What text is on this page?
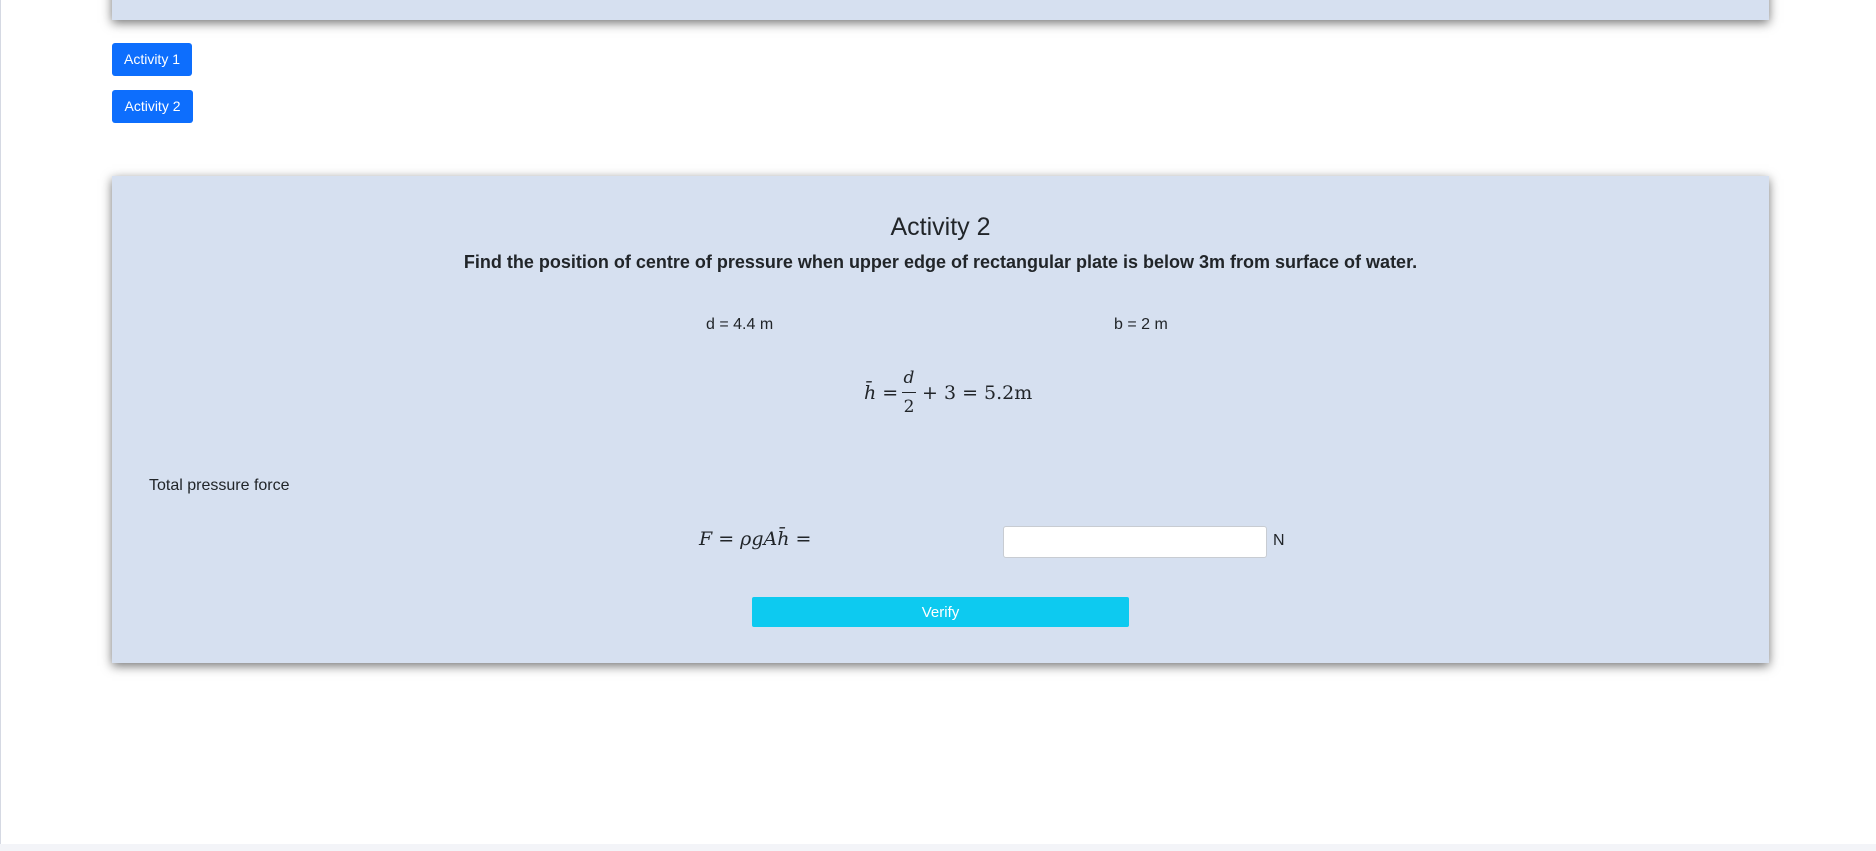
Activity 1
Activity 2
Activity 2
Find the position of centre of pressure when upper edge of rectangular plate is below 3m from surface of water.
d = 4.4 m	b = 2 m
h̄ =
d
2
+ 3 = 5.2m
Total pressure force
F = ρgAh̄ =	N
Verify
